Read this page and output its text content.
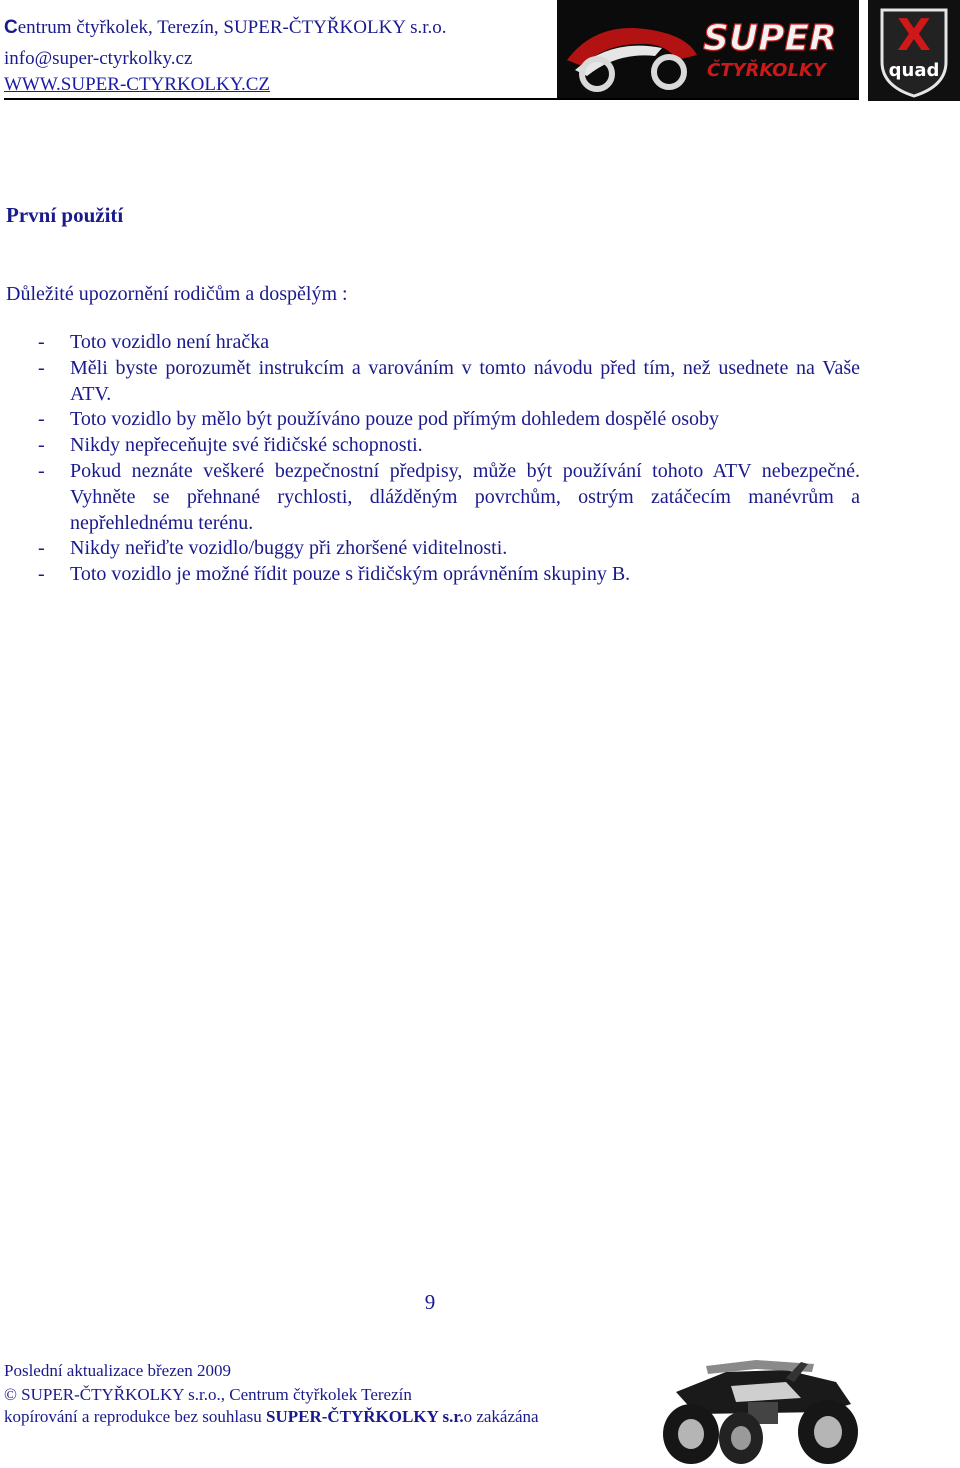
Centrum čtyřkolek, Terezín, SUPER-ČTYŘKOLKY s.r.o.
info@super-ctyrkolky.cz
WWW.SUPER-CTYRKOLKY.CZ
SUPER
ČTYŘKOLKY
X
quad
První použití
Důležité upozornění rodičům a dospělým :
- Toto vozidlo není hračka
- Měli byste porozumět instrukcím a varováním v tomto návodu před tím, než usednete na Vaše ATV.
- Toto vozidlo by mělo být používáno pouze pod přímým dohledem dospělé osoby
- Nikdy nepřeceňujte své řidičské schopnosti.
- Pokud neznáte veškeré bezpečnostní předpisy, může být používání tohoto ATV nebezpečné. Vyhněte se přehnané rychlosti, dlážděným povrchům, ostrým zatáčecím manévrům a nepřehlednému terénu.
- Nikdy neřiďte vozidlo/buggy při zhoršené viditelnosti.
- Toto vozidlo je možné řídit pouze s řidičským oprávněním skupiny B.
9
Poslední aktualizace březen 2009
© SUPER-ČTYŘKOLKY s.r.o., Centrum čtyřkolek Terezín
kopírování a reprodukce bez souhlasu SUPER-ČTYŘKOLKY s.r.o zakázána
